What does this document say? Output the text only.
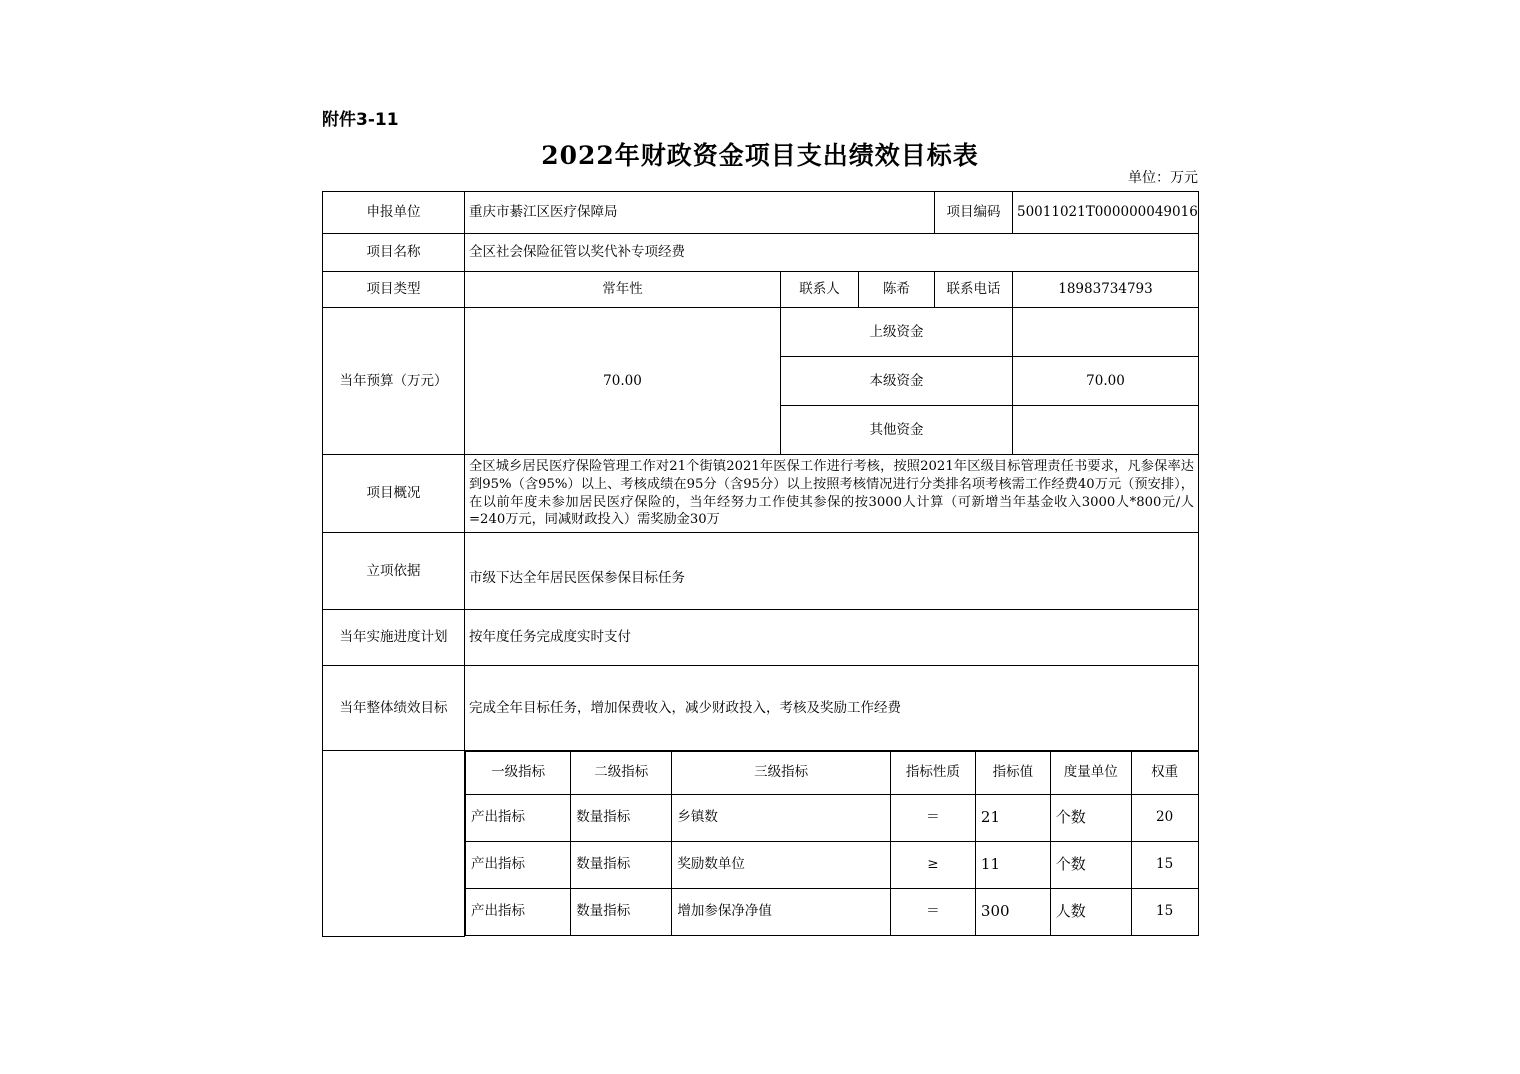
附件3-11
2022年财政资金项目支出绩效目标表
单位：万元
申报单位	重庆市綦江区医疗保障局	项目编码	50011021T000000049016
项目名称	全区社会保险征管以奖代补专项经费
项目类型	常年性	联系人	陈希	联系电话	18983734793
当年预算（万元）	70.00	上级资金	
本级资金	70.00
其他资金	
项目概况	全区城乡居民医疗保险管理工作对21个街镇2021年医保工作进行考核，按照2021年区级目标管理责任书要求，凡参保率达到95%（含95%）以上、考核成绩在95分（含95分）以上按照考核情况进行分类排名项考核需工作经费40万元（预安排），在以前年度未参加居民医疗保险的，当年经努力工作使其参保的按3000人计算（可新增当年基金收入3000人*800元/人=240万元，同减财政投入）需奖励金30万
立项依据	市级下达全年居民医保参保目标任务
当年实施进度计划	按年度任务完成度实时支付
当年整体绩效目标	完成全年目标任务，增加保费收入，减少财政投入，考核及奖励工作经费

一级指标	二级指标	三级指标	指标性质	指标值	度量单位	权重
产出指标	数量指标	乡镇数	＝	21	个数	20
产出指标	数量指标	奖励数单位	≥	11	个数	15
产出指标	数量指标	增加参保净净值	＝	300	人数	15
